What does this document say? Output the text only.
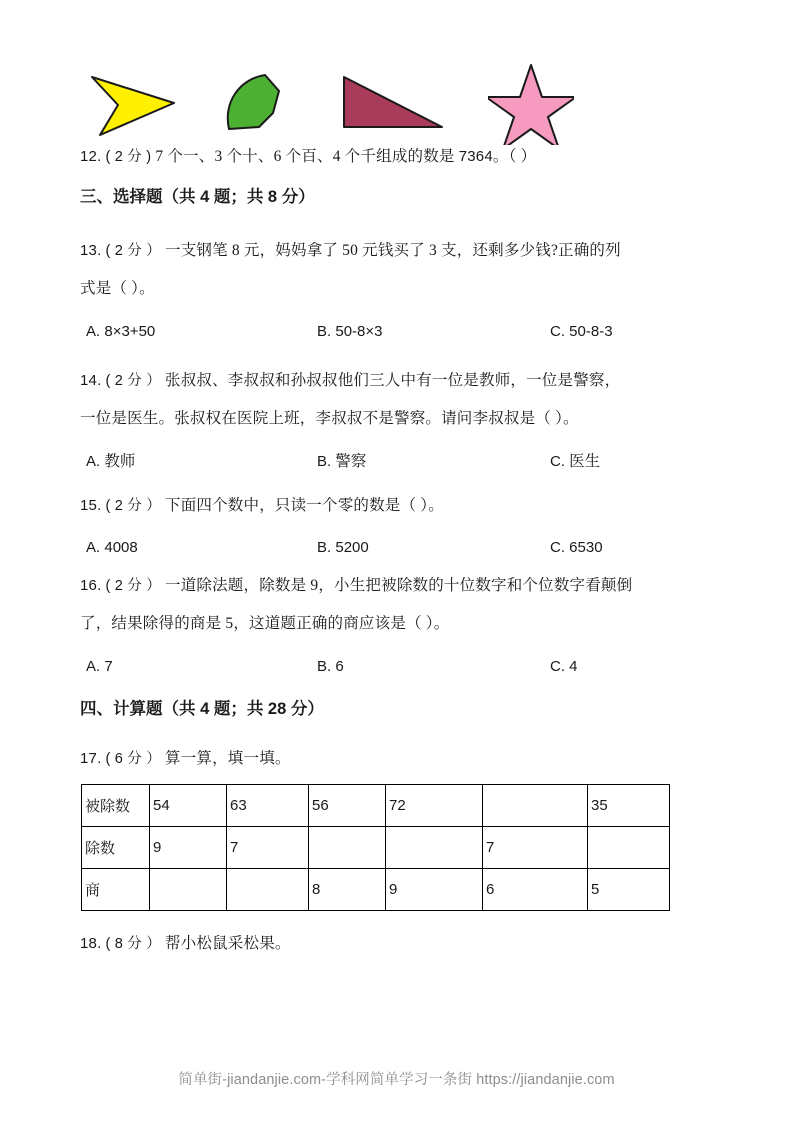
12. ( 2 分 ) 7 个一、3 个十、6 个百、4 个千组成的数是 7364。（ ）
三、选择题（共 4 题；共 8 分）
13. ( 2 分 ） 一支钢笔 8 元，妈妈拿了 50 元钱买了 3 支，还剩多少钱?正确的列
式是（ ）。
A. 8×3+50	B. 50-8×3	C. 50-8-3
14. ( 2 分 ） 张叔叔、李叔叔和孙叔叔他们三人中有一位是教师，一位是警察，
一位是医生。张叔权在医院上班，李叔叔不是警察。请问李叔叔是（ ）。
A. 教师	B. 警察	C. 医生
15. ( 2 分 ） 下面四个数中，只读一个零的数是（ ）。
A. 4008	B. 5200	C. 6530
16. ( 2 分 ） 一道除法题，除数是 9，小生把被除数的十位数字和个位数字看颠倒
了，结果除得的商是 5，这道题正确的商应该是（ ）。
A. 7	B. 6	C. 4
四、计算题（共 4 题；共 28 分）
17. ( 6 分 ） 算一算，填一填。
被除数	54	63	56	72		35
除数	9	7			7	
商			8	9	6	5
18. ( 8 分 ） 帮小松鼠采松果。
简单街-jiandanjie.com-学科网简单学习一条街 https://jiandanjie.com
